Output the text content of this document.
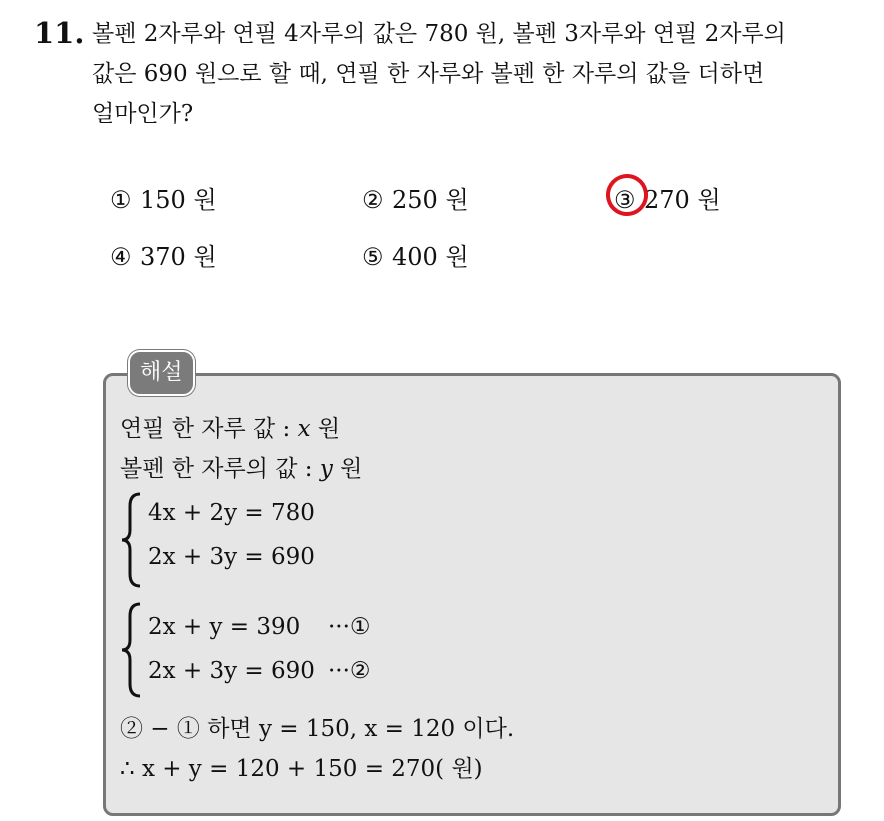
11. 볼펜 2자루와 연필 4자루의 값은 780 원, 볼펜 3자루와 연필 2자루의
값은 690 원으로 할 때, 연필 한 자루와 볼펜 한 자루의 값을 더하면
얼마인가?
① 150 원	② 250 원	③ 270 원
④ 370 원	⑤ 400 원
해설
연필 한 자루 값 : x 원
볼펜 한 자루의 값 : y 원
4x + 2y = 780
2x + 3y = 690
2x + y = 390 ···①
2x + 3y = 690 ···②
② − ① 하면 y = 150, x = 120 이다.
∴ x + y = 120 + 150 = 270( 원)
